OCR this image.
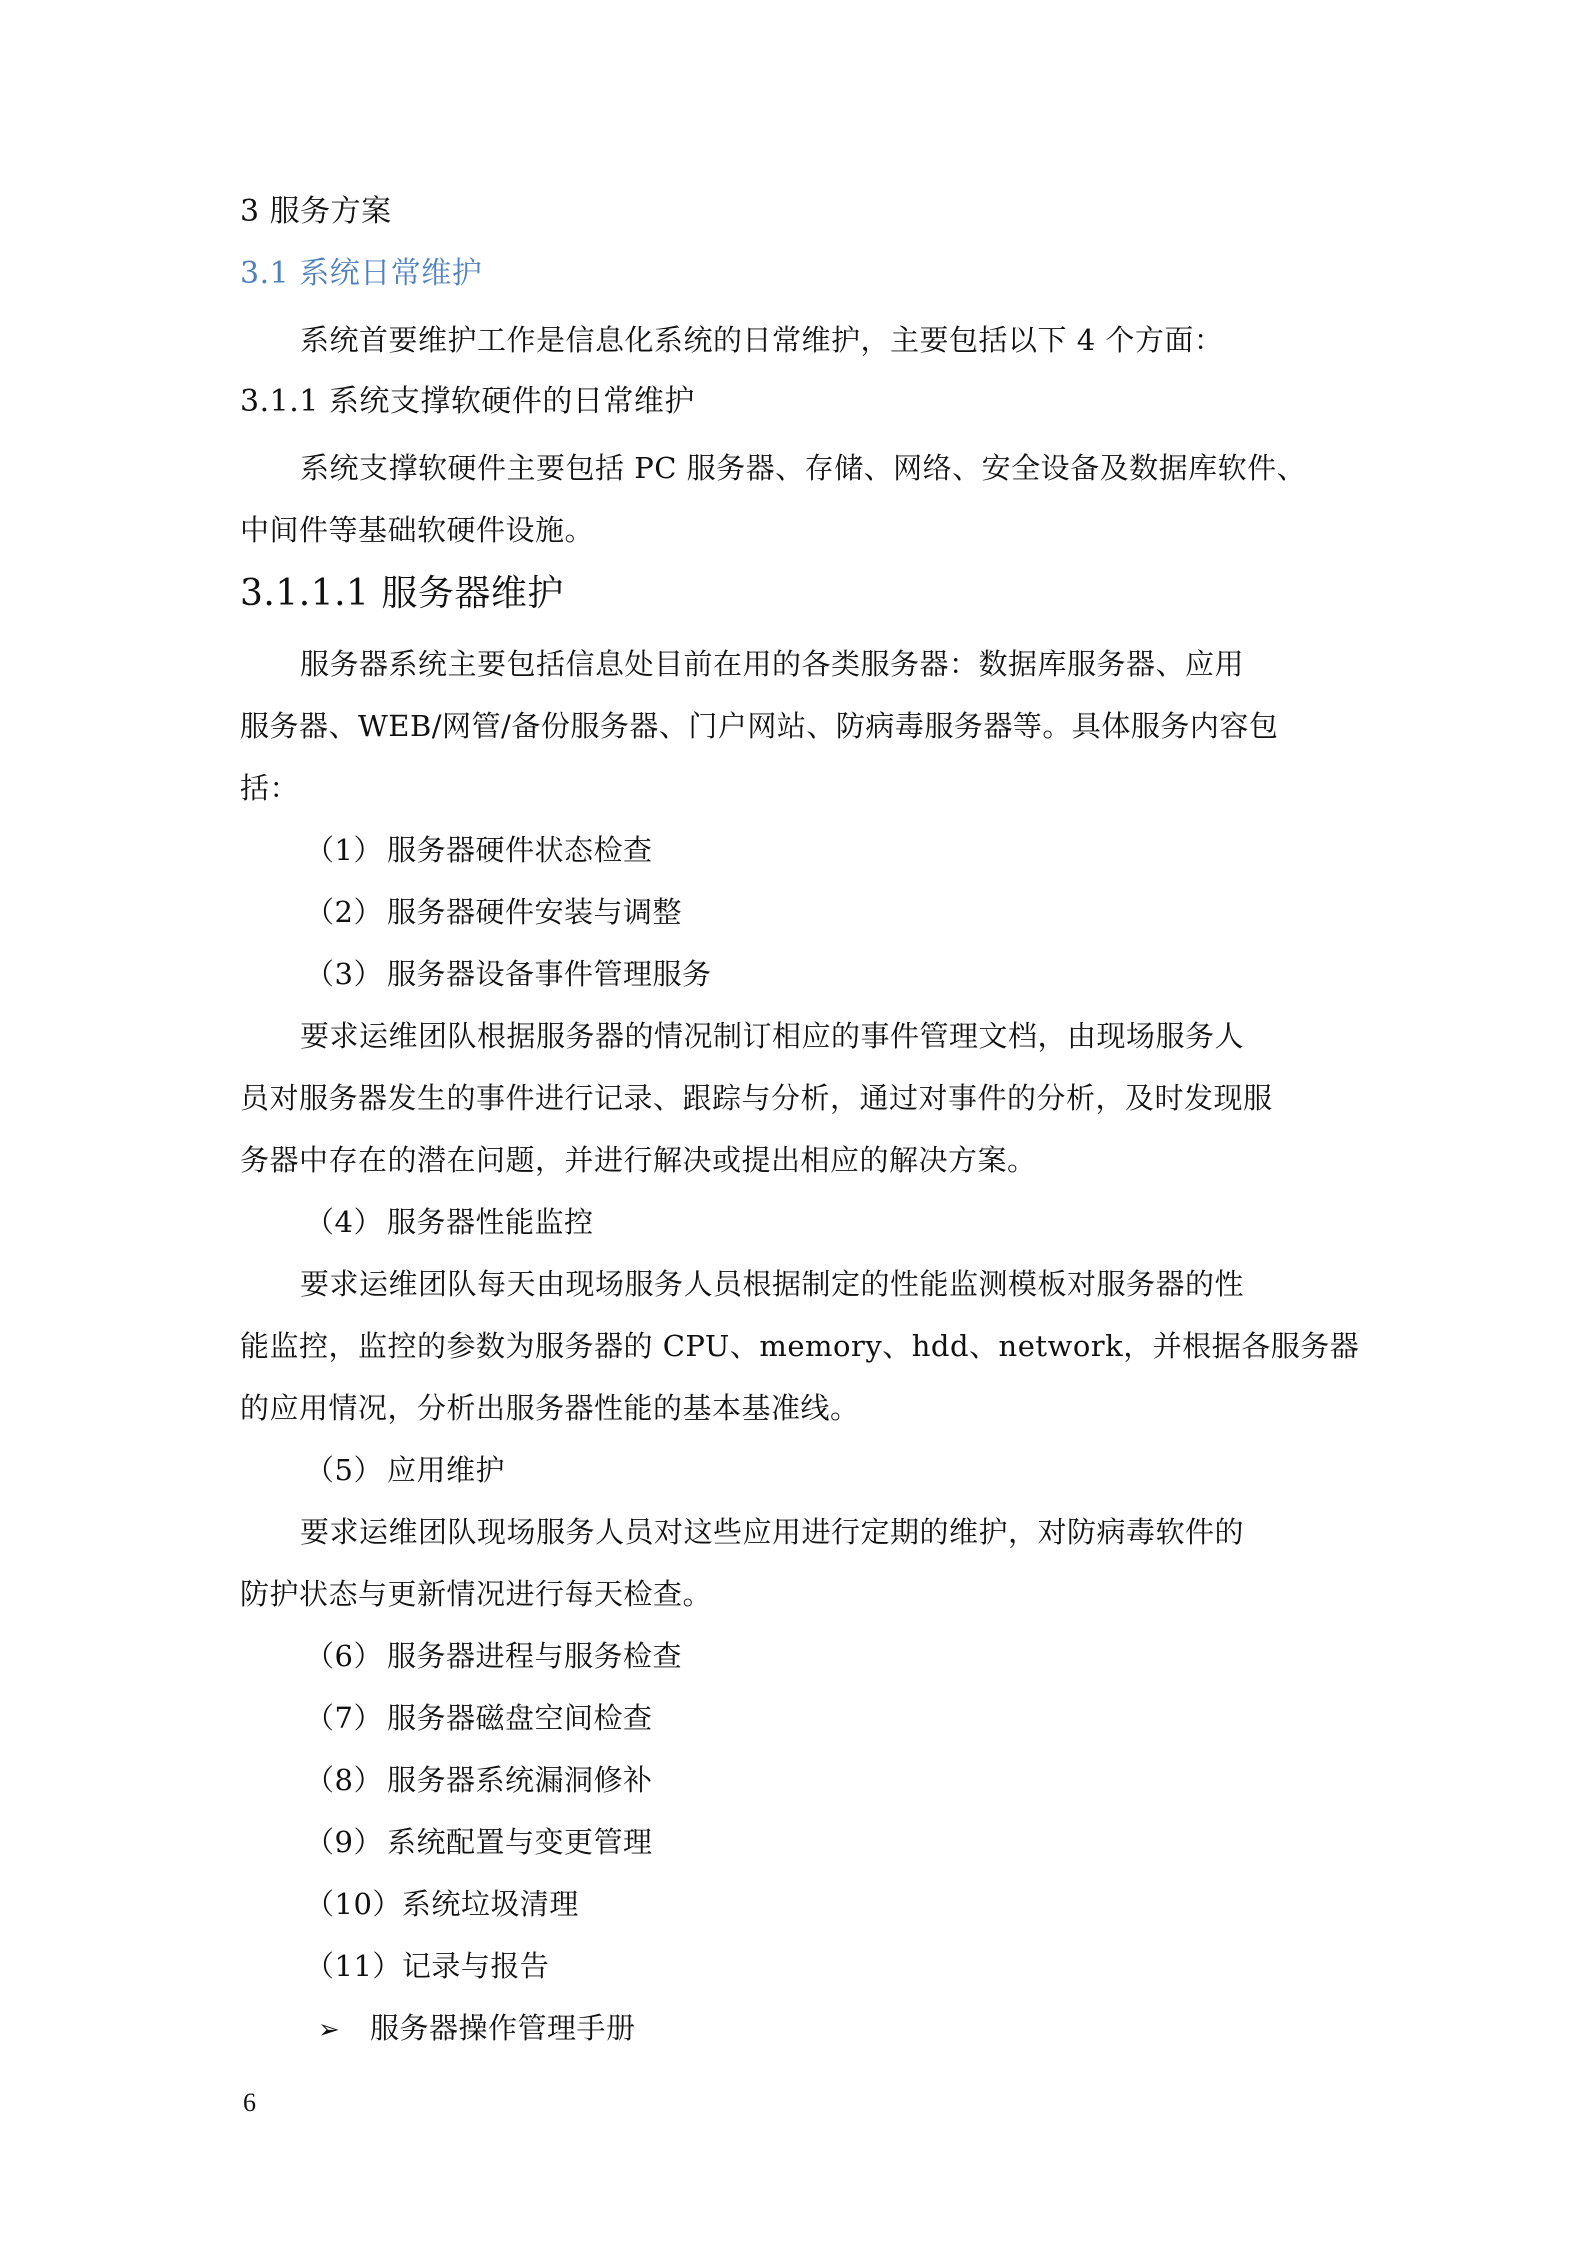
3 服务方案
3.1 系统日常维护
系统首要维护工作是信息化系统的日常维护，主要包括以下 4 个方面：
3.1.1 系统支撑软硬件的日常维护
系统支撑软硬件主要包括 PC 服务器、存储、网络、安全设备及数据库软件、
中间件等基础软硬件设施。
3.1.1.1 服务器维护
服务器系统主要包括信息处目前在用的各类服务器：数据库服务器、应用
服务器、WEB/网管/备份服务器、门户网站、防病毒服务器等。具体服务内容包
括：
（1） 服务器硬件状态检查
（2） 服务器硬件安装与调整
（3） 服务器设备事件管理服务
要求运维团队根据服务器的情况制订相应的事件管理文档，由现场服务人
员对服务器发生的事件进行记录、跟踪与分析，通过对事件的分析，及时发现服
务器中存在的潜在问题，并进行解决或提出相应的解决方案。
（4） 服务器性能监控
要求运维团队每天由现场服务人员根据制定的性能监测模板对服务器的性
能监控，监控的参数为服务器的 CPU、memory、hdd、network，并根据各服务器
的应用情况，分析出服务器性能的基本基准线。
（5） 应用维护
要求运维团队现场服务人员对这些应用进行定期的维护，对防病毒软件的
防护状态与更新情况进行每天检查。
（6） 服务器进程与服务检查
（7） 服务器磁盘空间检查
（8） 服务器系统漏洞修补
（9） 系统配置与变更管理
（10）系统垃圾清理
（11）记录与报告
➢ 服务器操作管理手册
6
